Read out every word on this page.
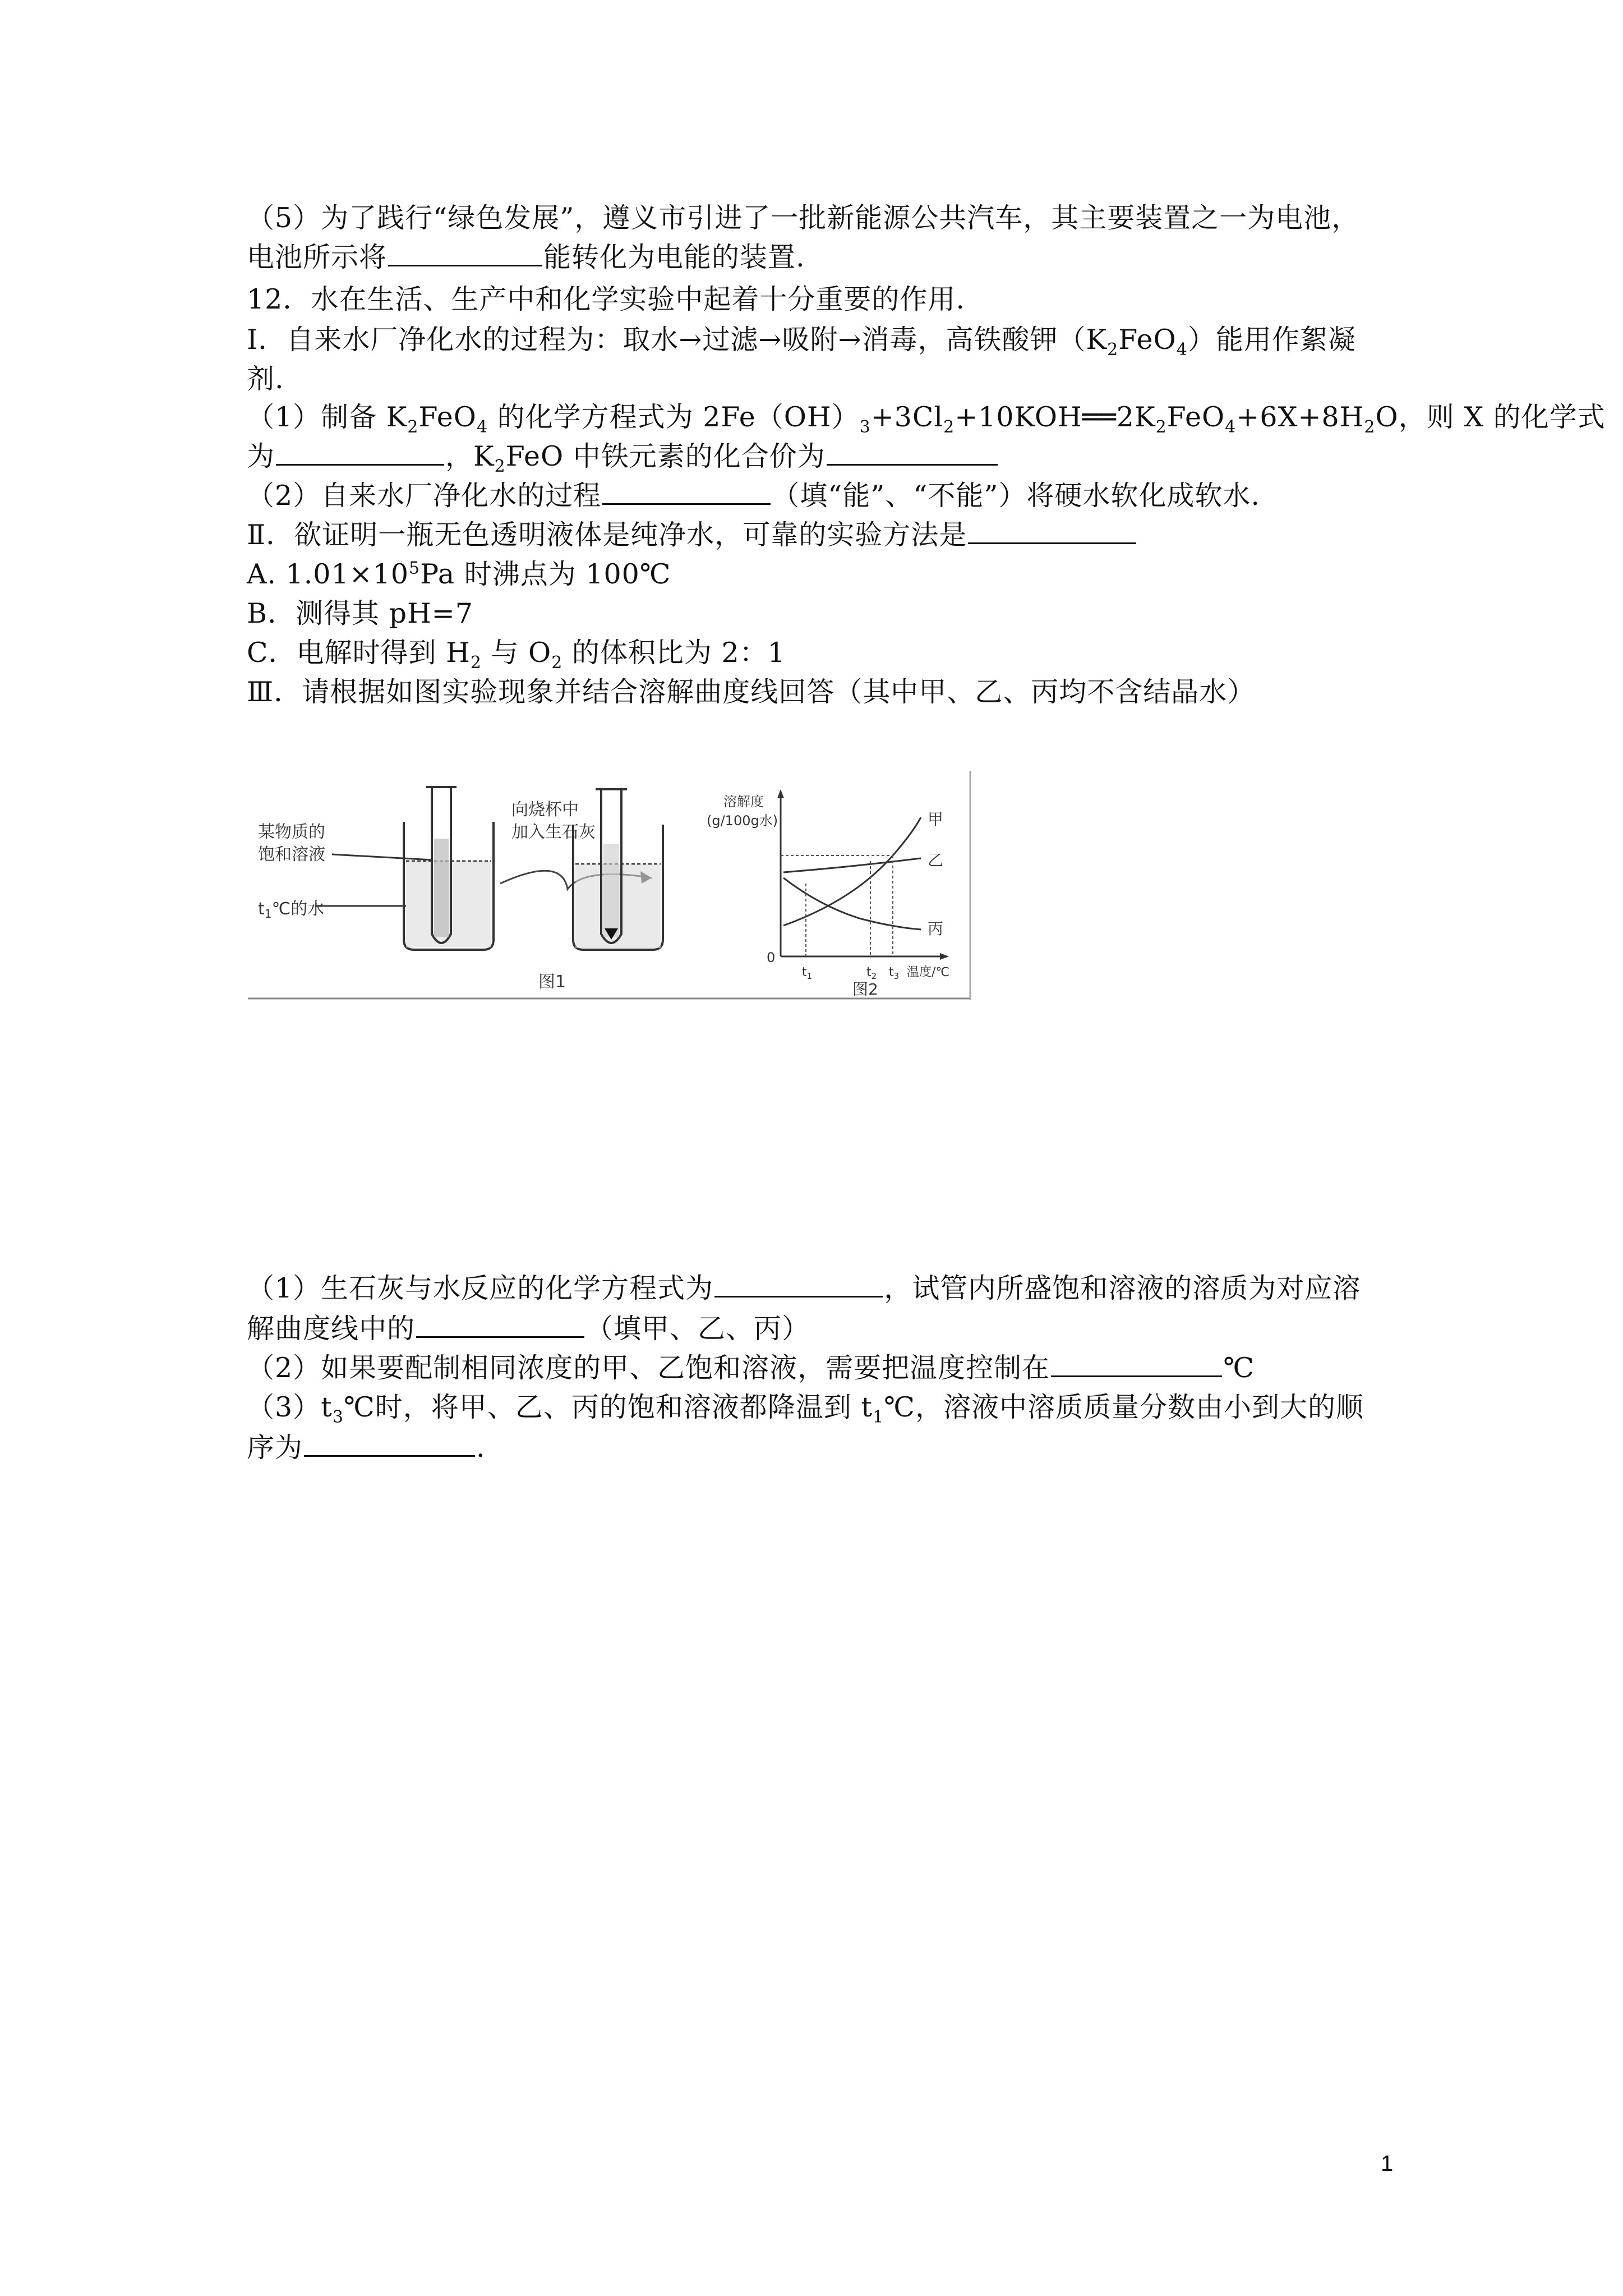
（5）为了践行“绿色发展”，遵义市引进了一批新能源公共汽车，其主要装置之一为电池，
电池所示将	能转化为电能的装置.
12．水在生活、生产中和化学实验中起着十分重要的作用.
Ⅰ．自来水厂净化水的过程为：取水→过滤→吸附→消毒，高铁酸钾$(K_2FeO_4)$能用作絮凝
剂.
（1）制备 $K_2FeO_4$ 的化学方程式为 $2Fe(OH)_3+3Cl_2+10KOH══2K_2FeO_4+6X+8H_2O$，则 X 的化学式
为	，$K_2FeO$ 中铁元素的化合价为
（2）自来水厂净化水的过程	（填“能”、“不能”）将硬水软化成软水.
Ⅱ．欲证明一瓶无色透明液体是纯净水，可靠的实验方法是
A. $1.01\times 10^5Pa$ 时沸点为 100℃
B．测得其 pH=7
C．电解时得到 $H_2$ 与 $O_2$ 的体积比为 2：1
Ⅲ．请根据如图实验现象并结合溶解曲度线回答（其中甲、乙、丙均不含结晶水）
某物质的
饱和溶液
$t_1℃$的水
向烧杯中
加入生石灰
图1
溶解度
(g/100g水)
0
甲
乙
丙
$t_1$	$t_2$ $t_3$ 温度/℃
图2
（1）生石灰与水反应的化学方程式为	，试管内所盛饱和溶液的溶质为对应溶
解曲度线中的	（填甲、乙、丙）
（2）如果要配制相同浓度的甲、乙饱和溶液，需要把温度控制在	℃
$(3)t_3℃$时，将甲、乙、丙的饱和溶液都降温到 $t_1℃$，溶液中溶质质量分数由小到大的顺
序为	.
1
